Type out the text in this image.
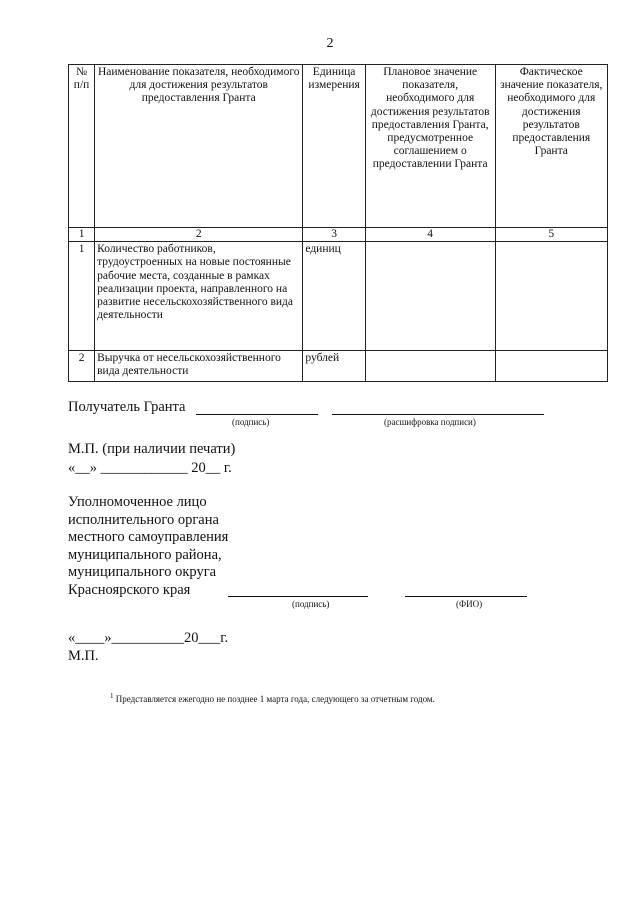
2
№ п/п	Наименование показателя, необходимого для достижения результатов предоставления Гранта	Единица измерения	Плановое значение показателя, необходимого для достижения результатов предоставления Гранта, предусмотренное соглашением о предоставлении Гранта	Фактическое значение показателя, необходимого для достижения результатов предоставления Гранта
1	2	3	4	5
1	Количество работников, трудоустроенных на новые постоянные рабочие места, созданные в рамках реализации проекта, направленного на развитие несельскохозяйственного вида деятельности	единиц		
2	Выручка от несельскохозяйственного вида деятельности	рублей		
Получатель Гранта
(подпись)	(расшифровка подписи)
М.П. (при наличии печати)
«__» ____________ 20__ г.
Уполномоченное лицо
исполнительного органа
местного самоуправления
муниципального района,
муниципального округа
Красноярского края
(подпись)	(ФИО)
«____»__________20___г.
М.П.
$^1$ Представляется ежегодно не позднее 1 марта года, следующего за отчетным годом.
